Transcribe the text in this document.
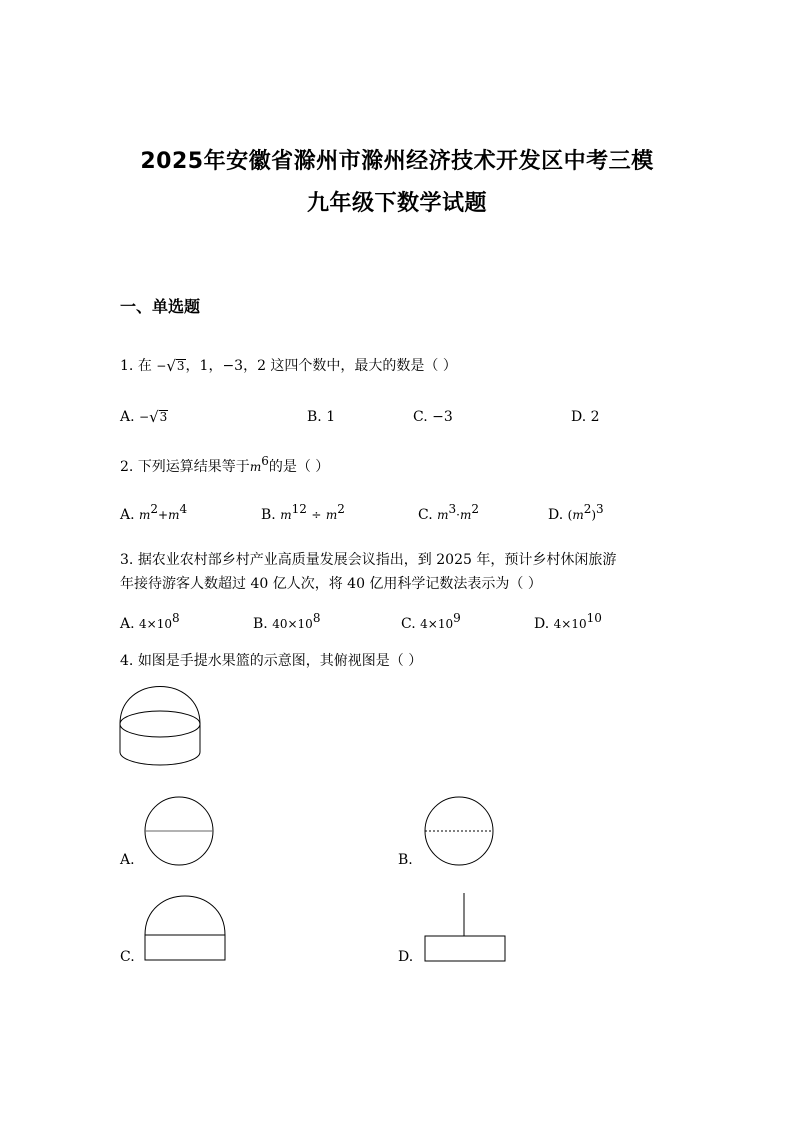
2025年安徽省滁州市滁州经济技术开发区中考三模
九年级下数学试题
一、单选题
1. 在 −√3，1，−3，2 这四个数中，最大的数是（ ）
A. −√3	B. 1	C. −3	D. 2
2. 下列运算结果等于$m^6$的是（ ）
A. $m^2+m^4$	B. $m^{12} \div m^2$	C. $m^3\cdot m^2$	D. $(m^2)^3$
3. 据农业农村部乡村产业高质量发展会议指出，到 2025 年，预计乡村休闲旅游
年接待游客人数超过 40 亿人次，将 40 亿用科学记数法表示为（ ）
A. $4\times 10^8$	B. $40\times 10^8$	C. $4\times 10^9$	D. $4\times 10^{10}$
4. 如图是手提水果篮的示意图，其俯视图是（ ）
A.	B.
C.	D.
